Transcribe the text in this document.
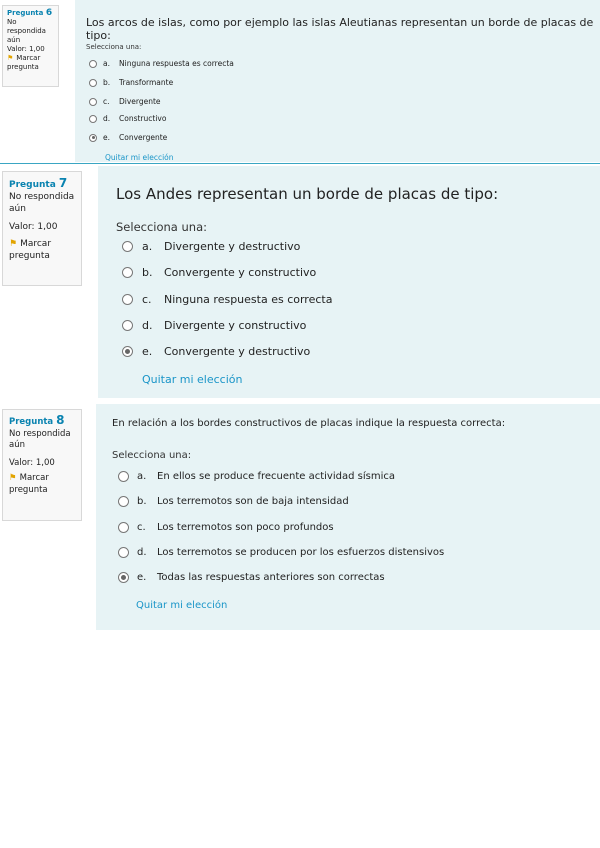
Pregunta 6
No respondida aún
Valor: 1,00
⚑ Marcar pregunta
Los arcos de islas, como por ejemplo las islas Aleutianas representan un borde de placas de tipo:
Selecciona una:
a.	Ninguna respuesta es correcta
b.	Transformante
c.	Divergente
d.	Constructivo
e.	Convergente
Quitar mi elección
Pregunta 7
No respondida aún
Valor: 1,00
⚑ Marcar pregunta
Los Andes representan un borde de placas de tipo:
Selecciona una:
a.	Divergente y destructivo
b.	Convergente y constructivo
c.	Ninguna respuesta es correcta
d.	Divergente y constructivo
e.	Convergente y destructivo
Quitar mi elección
Pregunta 8
No respondida aún
Valor: 1,00
⚑ Marcar pregunta
En relación a los bordes constructivos de placas indique la respuesta correcta:
Selecciona una:
a.	En ellos se produce frecuente actividad sísmica
b.	Los terremotos son de baja intensidad
c.	Los terremotos son poco profundos
d.	Los terremotos se producen por los esfuerzos distensivos
e.	Todas las respuestas anteriores son correctas
Quitar mi elección
